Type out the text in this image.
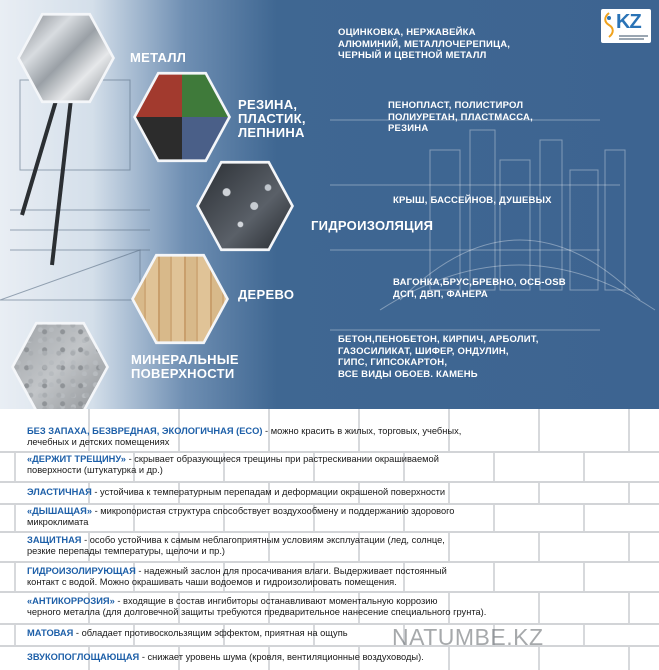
МЕТАЛЛ
РЕЗИНА,
ПЛАСТИК,
ЛЕПНИНА
ГИДРОИЗОЛЯЦИЯ
ДЕРЕВО
МИНЕРАЛЬНЫЕ
ПОВЕРХНОСТИ
ОЦИНКОВКА, НЕРЖАВЕЙКА
АЛЮМИНИЙ, МЕТАЛЛОЧЕРЕПИЦА,
ЧЕРНЫЙ И ЦВЕТНОЙ МЕТАЛЛ
ПЕНОПЛАСТ, ПОЛИСТИРОЛ
ПОЛИУРЕТАН, ПЛАСТМАССА,
РЕЗИНА
КРЫШ, БАССЕЙНОВ, ДУШЕВЫХ
ВАГОНКА,БРУС,БРЕВНО, ОСБ-OSB
ДСП, ДВП, ФАНЕРА
БЕТОН,ПЕНОБЕТОН, КИРПИЧ, АРБОЛИТ,
ГАЗОСИЛИКАТ, ШИФЕР, ОНДУЛИН,
ГИПС, ГИПСОКАРТОН,
ВСЕ ВИДЫ ОБОЕВ. КАМЕНЬ
KZ
БЕЗ ЗАПАХА, БЕЗВРЕДНАЯ, ЭКОЛОГИЧНАЯ (ECO) - можно красить в жилых, торговых, учебных,
лечебных и детских помещениях
«ДЕРЖИТ ТРЕЩИНУ» - скрывает образующиеся трещины при растрескивании окрашиваемой
поверхности (штукатурка и др.)
ЭЛАСТИЧНАЯ - устойчива к температурным перепадам и деформации окрашеной поверхности
«ДЫШАЩАЯ» - микропористая структура способствует воздухообмену и поддержанию здорового
микроклимата
ЗАЩИТНАЯ - особо устойчива к самым неблагоприятным условиям эксплуатации (лед, солнце,
резкие перепады температуры, щелочи и пр.)
ГИДРОИЗОЛИРУЮЩАЯ - надежный заслон для просачивания влаги. Выдерживает постоянный
контакт с водой. Можно окрашивать чаши водоемов и гидроизолировать помещения.
«АНТИКОРРОЗИЯ» - входящие в состав ингибиторы останавливают моментальную коррозию
черного металла (для долговечной защиты требуются предварительное нанесение специального грунта).
МАТОВАЯ - обладает противоскользящим эффектом, приятная на ощупь
ЗВУКОПОГЛОЩАЮЩАЯ - снижает уровень шума (кровля, вентиляционные воздуховоды).
NATUMBE.KZ
